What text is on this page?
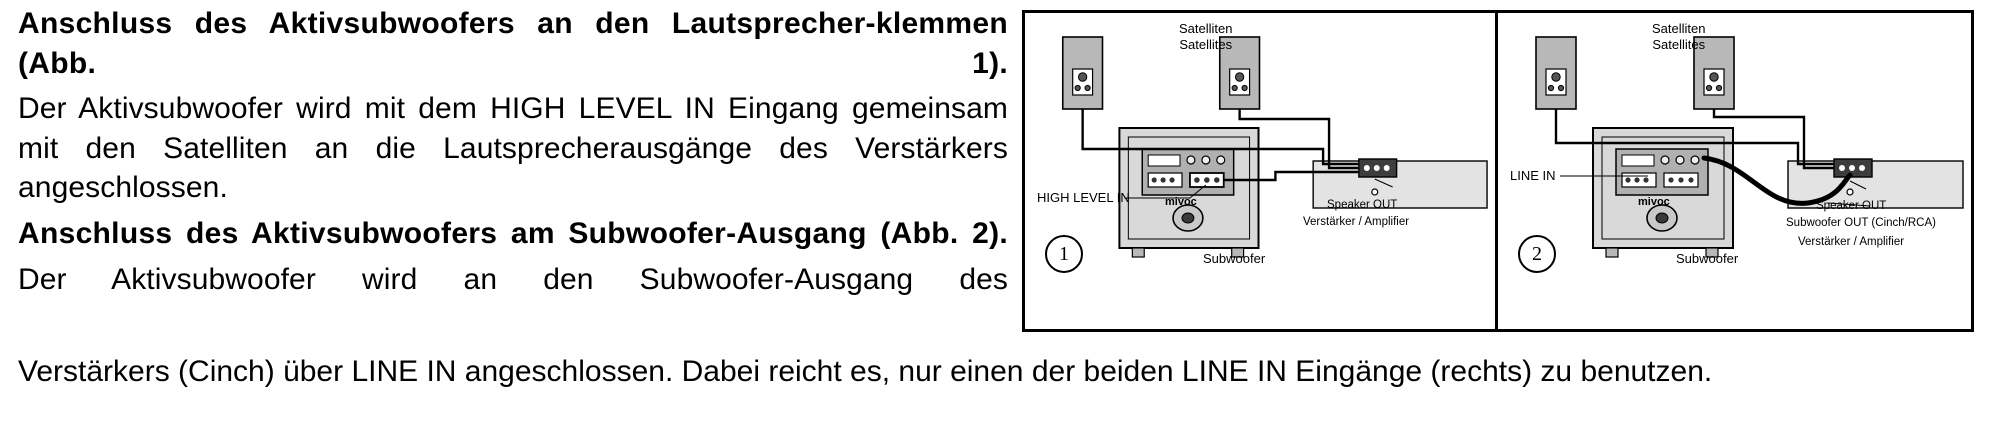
Anschluss des Aktivsubwoofers an den Lautsprecher-klemmen (Abb. 1).

Der Aktivsubwoofer wird mit dem HIGH LEVEL IN Eingang gemeinsam mit den Satelliten an die Lautsprecherausgänge des Verstärkers angeschlossen.

Anschluss des Aktivsubwoofers am Subwoofer-Ausgang (Abb. 2).

Der Aktivsubwoofer wird an den Subwoofer-Ausgang des

Verstärkers (Cinch) über LINE IN angeschlossen. Dabei reicht es, nur einen der beiden LINE IN Eingänge (rechts) zu benutzen.
Satelliten
Satellites
HIGH LEVEL IN	Speaker OUT
Verstärker / Amplifier
Subwoofer
mivoc
1
Satelliten
Satellites
LINE IN
Speaker OUT
Subwoofer OUT (Cinch/RCA)
Verstärker / Amplifier
Subwoofer
mivoc
2
